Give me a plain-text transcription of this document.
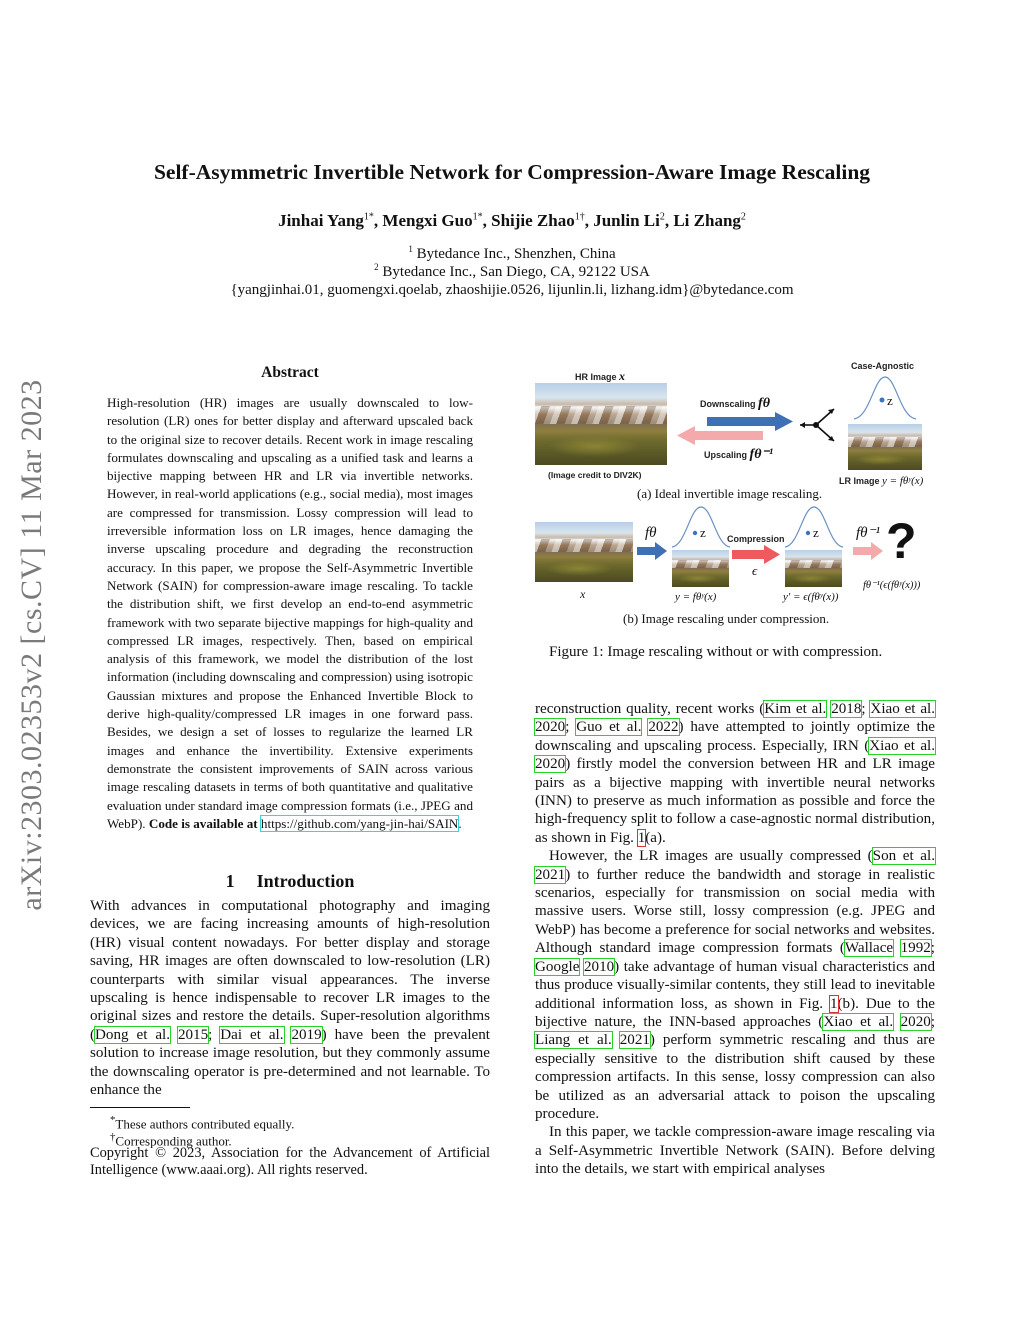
arXiv:2303.02353v2 [cs.CV] 11 Mar 2023
Self-Asymmetric Invertible Network for Compression-Aware Image Rescaling
Jinhai Yang$^{1*}$, Mengxi Guo$^{1*}$, Shijie Zhao$^{1\dagger}$, Junlin Li$^2$, Li Zhang$^2$
$^1$ Bytedance Inc., Shenzhen, China
$^2$ Bytedance Inc., San Diego, CA, 92122 USA
{yangjinhai.01, guomengxi.qoelab, zhaoshijie.0526, lijunlin.li, lizhang.idm}@bytedance.com
Abstract
High-resolution (HR) images are usually downscaled to low-resolution (LR) ones for better display and afterward upscaled back to the original size to recover details. Recent work in image rescaling formulates downscaling and upscaling as a unified task and learns a bijective mapping between HR and LR via invertible networks. However, in real-world applications (e.g., social media), most images are compressed for transmission. Lossy compression will lead to irreversible information loss on LR images, hence damaging the inverse upscaling procedure and degrading the reconstruction accuracy. In this paper, we propose the Self-Asymmetric Invertible Network (SAIN) for compression-aware image rescaling. To tackle the distribution shift, we first develop an end-to-end asymmetric framework with two separate bijective mappings for high-quality and compressed LR images, respectively. Then, based on empirical analysis of this framework, we model the distribution of the lost information (including downscaling and compression) using isotropic Gaussian mixtures and propose the Enhanced Invertible Block to derive high-quality/compressed LR images in one forward pass. Besides, we design a set of losses to regularize the learned LR images and enhance the invertibility. Extensive experiments demonstrate the consistent improvements of SAIN across various image rescaling datasets in terms of both quantitative and qualitative evaluation under standard image compression formats (i.e., JPEG and WebP). Code is available at https://github.com/yang-jin-hai/SAIN.
1 Introduction
With advances in computational photography and imaging devices, we are facing increasing amounts of high-resolution (HR) visual content nowadays. For better display and storage saving, HR images are often downscaled to low-resolution (LR) counterparts with similar visual appearances. The inverse upscaling is hence indispensable to recover LR images to the original sizes and restore the details. Super-resolution algorithms (Dong et al. 2015; Dai et al. 2019) have been the prevalent solution to increase image resolution, but they commonly assume the downscaling operator is pre-determined and not learnable. To enhance the
*These authors contributed equally.
†Corresponding author.
Copyright © 2023, Association for the Advancement of Artificial Intelligence (www.aaai.org). All rights reserved.
HR Image x
(Image credit to DIV2K)
Downscaling fθ
Upscaling fθ⁻¹
Case-Agnostic
z
LR Image y = fθʸ(x)
(a) Ideal invertible image rescaling.
x
fθ	z
y = fθʸ(x)
Compression
ϵ
z
y′ = ϵ(fθʸ(x))
fθ⁻¹ ?
fθ⁻¹(ϵ(fθʸ(x)))
(b) Image rescaling under compression.
Figure 1: Image rescaling without or with compression.
reconstruction quality, recent works (Kim et al. 2018; Xiao et al. 2020; Guo et al. 2022) have attempted to jointly optimize the downscaling and upscaling process. Especially, IRN (Xiao et al. 2020) firstly model the conversion between HR and LR image pairs as a bijective mapping with invertible neural networks (INN) to preserve as much information as possible and force the high-frequency split to follow a case-agnostic normal distribution, as shown in Fig. 1(a).
However, the LR images are usually compressed (Son et al. 2021) to further reduce the bandwidth and storage in realistic scenarios, especially for transmission on social media with massive users. Worse still, lossy compression (e.g. JPEG and WebP) has become a preference for social networks and websites. Although standard image compression formats (Wallace 1992; Google 2010) take advantage of human visual characteristics and thus produce visually-similar contents, they still lead to inevitable additional information loss, as shown in Fig. 1(b). Due to the bijective nature, the INN-based approaches (Xiao et al. 2020; Liang et al. 2021) perform symmetric rescaling and thus are especially sensitive to the distribution shift caused by these compression artifacts. In this sense, lossy compression can also be utilized as an adversarial attack to poison the upscaling procedure.
In this paper, we tackle compression-aware image rescaling via a Self-Asymmetric Invertible Network (SAIN). Before delving into the details, we start with empirical analyses
